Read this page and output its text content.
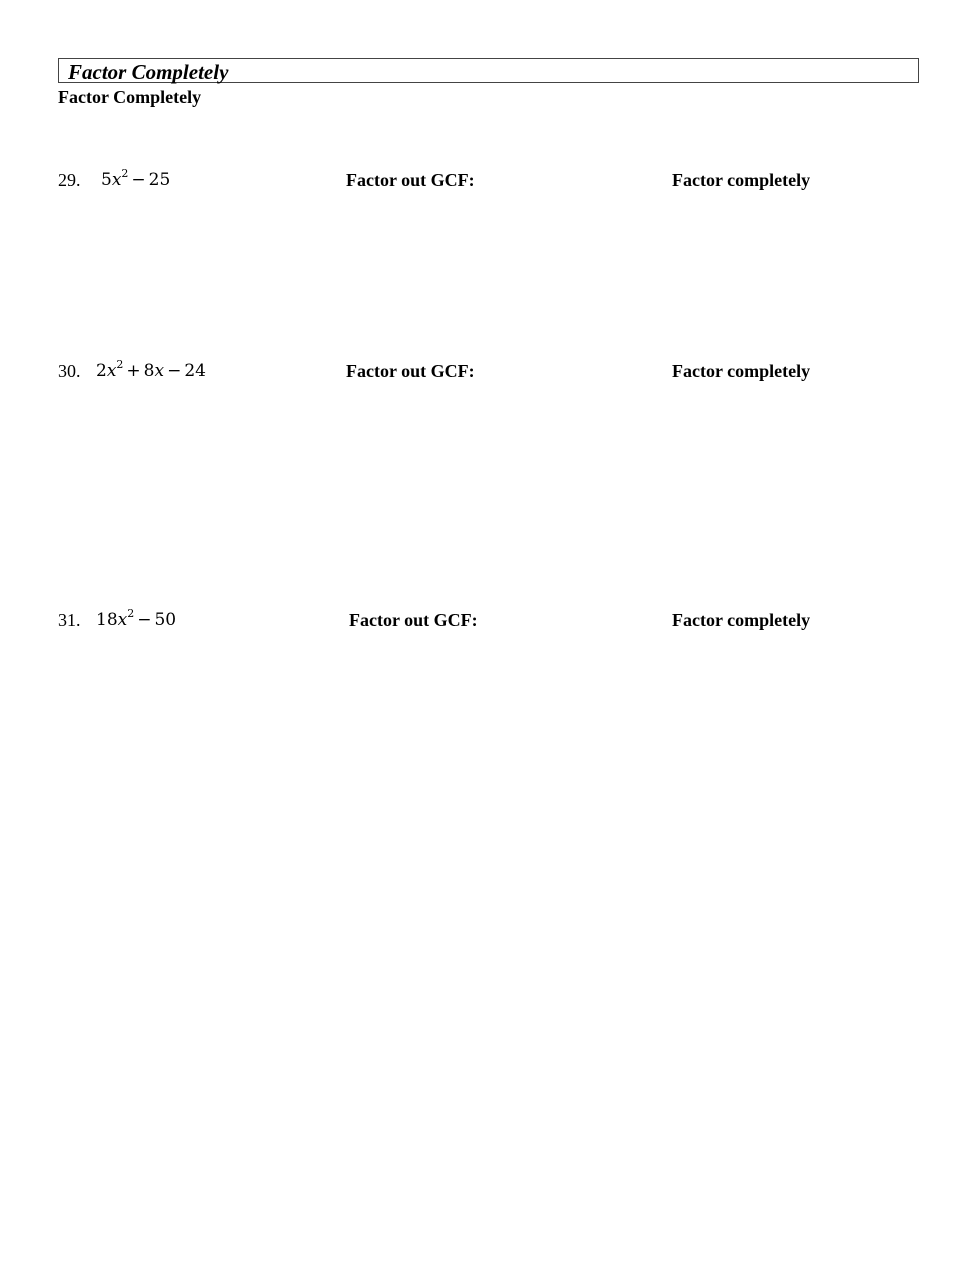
Factor Completely
Factor Completely
29. $5x^2 - 25$	Factor out GCF:	Factor completely
30. $2x^2 + 8x - 24$	Factor out GCF:	Factor completely
31. $18x^2 - 50$	Factor out GCF:	Factor completely
